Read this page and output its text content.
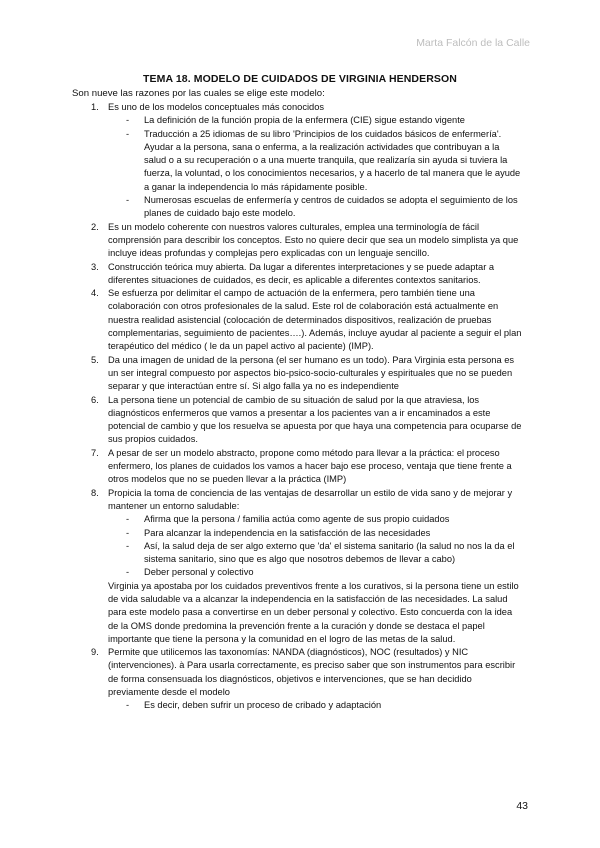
Marta Falcón de la Calle
TEMA 18. MODELO DE CUIDADOS DE VIRGINIA HENDERSON
Son nueve las razones por las cuales se elige este modelo:
1. Es uno de los modelos conceptuales más conocidos
- La definición de la función propia de la enfermera (CIE) sigue estando vigente
- Traducción a 25 idiomas de su libro 'Principios de los cuidados básicos de enfermería'. Ayudar a la persona, sana o enferma, a la realización actividades que contribuyan a la salud o a su recuperación o a una muerte tranquila, que realizaría sin ayuda si tuviera la fuerza, la voluntad, o los conocimientos necesarios, y a hacerlo de tal manera que le ayude a ganar la independencia lo más rápidamente posible.
- Numerosas escuelas de enfermería y centros de cuidados se adopta el seguimiento de los planes de cuidado bajo este modelo.
2. Es un modelo coherente con nuestros valores culturales, emplea una terminología de fácil comprensión para describir los conceptos. Esto no quiere decir que sea un modelo simplista ya que incluye ideas profundas y complejas pero explicadas con un lenguaje sencillo.
3. Construcción teórica muy abierta. Da lugar a diferentes interpretaciones y se puede adaptar a diferentes situaciones de cuidados, es decir, es aplicable a diferentes contextos sanitarios.
4. Se esfuerza por delimitar el campo de actuación de la enfermera, pero también tiene una colaboración con otros profesionales de la salud. Este rol de colaboración está actualmente en nuestra realidad asistencial (colocación de determinados dispositivos, realización de pruebas complementarias, seguimiento de pacientes….). Además, incluye ayudar al paciente a seguir el plan terapéutico del médico ( le da un papel activo al paciente) (IMP).
5. Da una imagen de unidad de la persona (el ser humano es un todo). Para Virginia esta persona es un ser integral compuesto por aspectos bio-psico-socio-culturales y espirituales que no se pueden separar y que interactúan entre sí. Si algo falla ya no es independiente
6. La persona tiene un potencial de cambio de su situación de salud por la que atraviesa, los diagnósticos enfermeros que vamos a presentar a los pacientes van a ir encaminados a este potencial de cambio y que los resuelva se apuesta por que haya una competencia para ocuparse de sus propios cuidados.
7. A pesar de ser un modelo abstracto, propone como método para llevar a la práctica: el proceso enfermero, los planes de cuidados los vamos a hacer bajo ese proceso, ventaja que tiene frente a otros modelos que no se pueden llevar a la práctica (IMP)
8. Propicia la toma de conciencia de las ventajas de desarrollar un estilo de vida sano y de mejorar y mantener un entorno saludable:
- Afirma que la persona / familia actúa como agente de sus propio cuidados
- Para alcanzar la independencia en la satisfacción de las necesidades
- Así, la salud deja de ser algo externo que 'da' el sistema sanitario (la salud no nos la da el sistema sanitario, sino que es algo que nosotros debemos de llevar a cabo)
- Deber personal y colectivo
Virginia ya apostaba por los cuidados preventivos frente a los curativos, si la persona tiene un estilo de vida saludable va a alcanzar la independencia en la satisfacción de las necesidades. La salud para este modelo pasa a convertirse en un deber personal y colectivo. Esto concuerda con la idea de la OMS donde predomina la prevención frente a la curación y donde se destaca el papel importante que tiene la persona y la comunidad en el logro de las metas de la salud.
9. Permite que utilicemos las taxonomías: NANDA (diagnósticos), NOC (resultados) y NIC (intervenciones). à Para usarla correctamente, es preciso saber que son instrumentos para escribir de forma consensuada los diagnósticos, objetivos e intervenciones, que se han decidido previamente desde el modelo
- Es decir, deben sufrir un proceso de cribado y adaptación
43
